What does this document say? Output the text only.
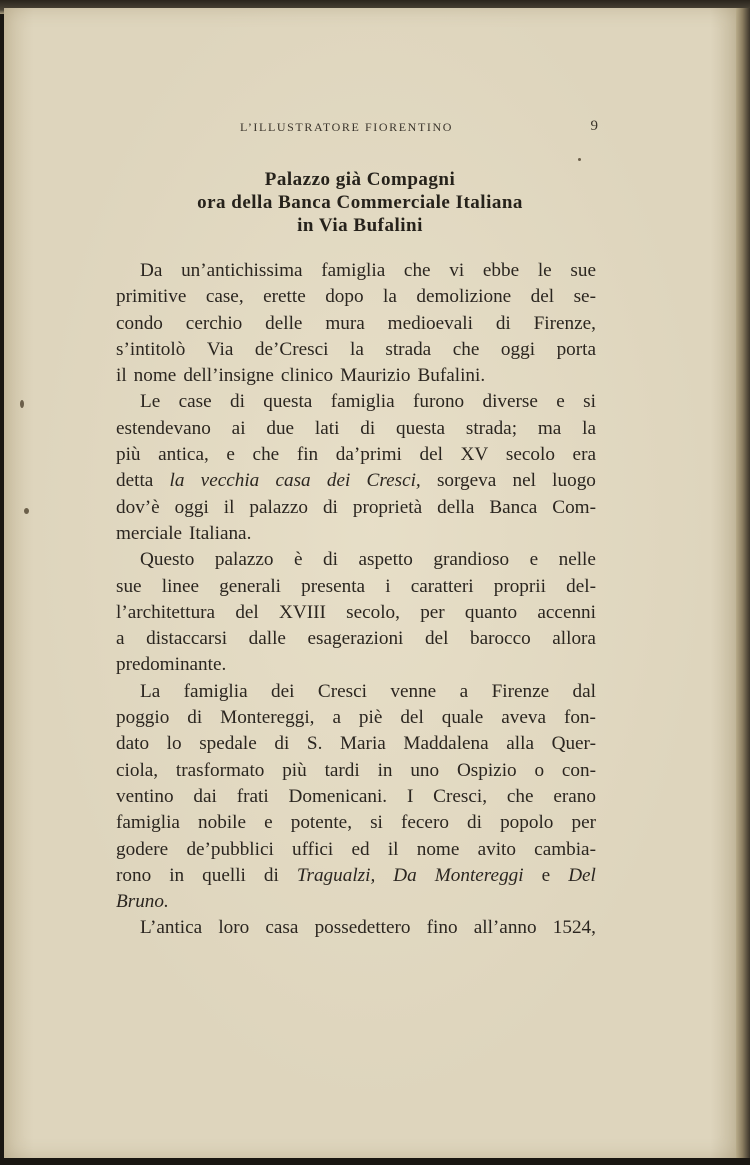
L’ILLUSTRATORE FIORENTINO	9
Palazzo già Compagni
ora della Banca Commerciale Italiana
in Via Bufalini
Da un’antichissima famiglia che vi ebbe le sue
primitive case, erette dopo la demolizione del se-
condo cerchio delle mura medioevali di Firenze,
s’intitolò Via de’Cresci la strada che oggi porta
il nome dell’insigne clinico Maurizio Bufalini.
Le case di questa famiglia furono diverse e si
estendevano ai due lati di questa strada; ma la
più antica, e che fin da’primi del XV secolo era
detta la vecchia casa dei Cresci, sorgeva nel luogo
dov’è oggi il palazzo di proprietà della Banca Com-
merciale Italiana.
Questo palazzo è di aspetto grandioso e nelle
sue linee generali presenta i caratteri proprii del-
l’architettura del XVIII secolo, per quanto accenni
a distaccarsi dalle esagerazioni del barocco allora
predominante.
La famiglia dei Cresci venne a Firenze dal
poggio di Montereggi, a piè del quale aveva fon-
dato lo spedale di S. Maria Maddalena alla Quer-
ciola, trasformato più tardi in uno Ospizio o con-
ventino dai frati Domenicani. I Cresci, che erano
famiglia nobile e potente, si fecero di popolo per
godere de’pubblici uffici ed il nome avito cambia-
rono in quelli di Tragualzi, Da Montereggi e Del
Bruno.
L’antica loro casa possedettero fino all’anno 1524,
